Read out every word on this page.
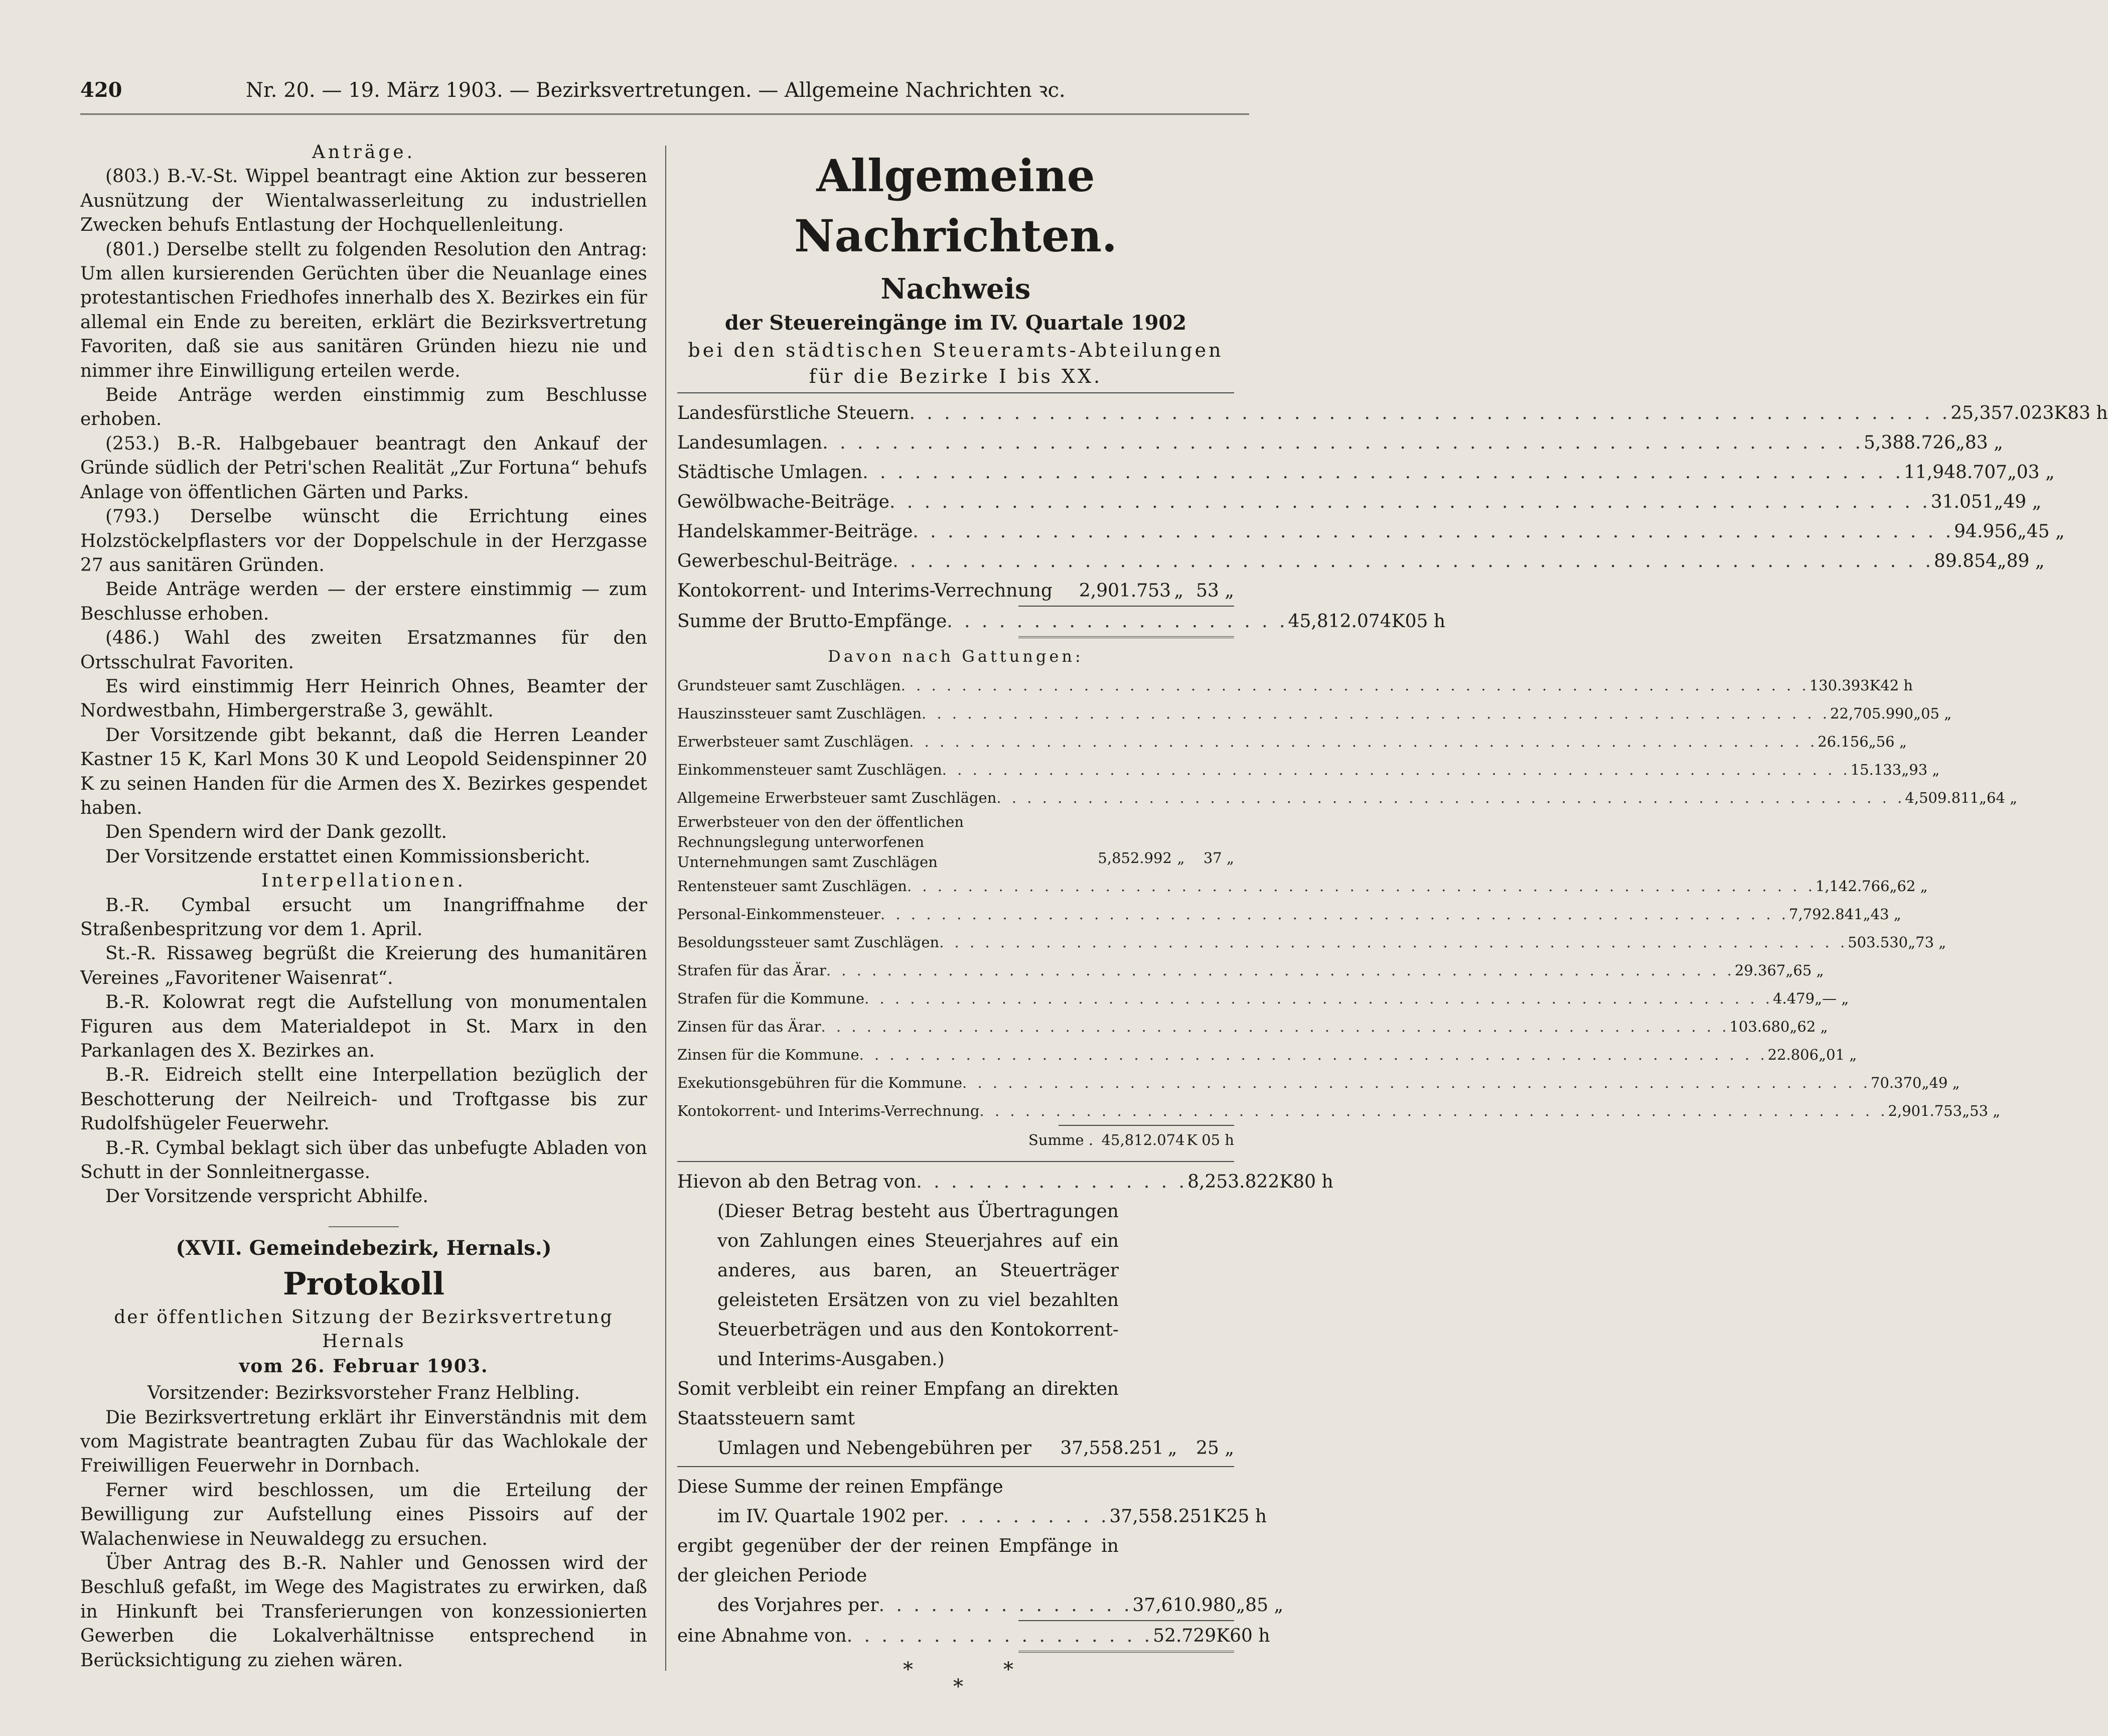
420	Nr. 20. — 19. März 1903. — Bezirksvertretungen. — Allgemeine Nachrichten ꝛc.

Anträge.

(803.) B.-V.-St. Wippel beantragt eine Aktion zur besseren Ausnützung der Wientalwasserleitung zu industriellen Zwecken behufs Entlastung der Hochquellenleitung.

(801.) Derselbe stellt zu folgenden Resolution den Antrag: Um allen kursierenden Gerüchten über die Neuanlage eines protestantischen Friedhofes innerhalb des X. Bezirkes ein für allemal ein Ende zu bereiten, erklärt die Bezirksvertretung Favoriten, daß sie aus sanitären Gründen hiezu nie und nimmer ihre Einwilligung erteilen werde.

Beide Anträge werden einstimmig zum Beschlusse erhoben.

(253.) B.-R. Halbgebauer beantragt den Ankauf der Gründe südlich der Petri'schen Realität „Zur Fortuna“ behufs Anlage von öffentlichen Gärten und Parks.

(793.) Derselbe wünscht die Errichtung eines Holzstöckelpflasters vor der Doppelschule in der Herzgasse 27 aus sanitären Gründen.

Beide Anträge werden — der erstere einstimmig — zum Beschlusse erhoben.

(486.) Wahl des zweiten Ersatzmannes für den Ortsschulrat Favoriten.

Es wird einstimmig Herr Heinrich Ohnes, Beamter der Nordwestbahn, Himbergerstraße 3, gewählt.

Der Vorsitzende gibt bekannt, daß die Herren Leander Kastner 15 K, Karl Mons 30 K und Leopold Seidenspinner 20 K zu seinen Handen für die Armen des X. Bezirkes gespendet haben.

Den Spendern wird der Dank gezollt.

Der Vorsitzende erstattet einen Kommissionsbericht.

Interpellationen.

B.-R. Cymbal ersucht um Inangriffnahme der Straßenbespritzung vor dem 1. April.

St.-R. Rissaweg begrüßt die Kreierung des humanitären Vereines „Favoritener Waisenrat“.

B.-R. Kolowrat regt die Aufstellung von monumentalen Figuren aus dem Materialdepot in St. Marx in den Parkanlagen des X. Bezirkes an.

B.-R. Eidreich stellt eine Interpellation bezüglich der Beschotterung der Neilreich- und Troftgasse bis zur Rudolfshügeler Feuerwehr.

B.-R. Cymbal beklagt sich über das unbefugte Abladen von Schutt in der Sonnleitnergasse.

Der Vorsitzende verspricht Abhilfe.

(XVII. Gemeindebezirk, Hernals.)

Protokoll

der öffentlichen Sitzung der Bezirksvertretung Hernals

vom 26. Februar 1903.

Vorsitzender: Bezirksvorsteher Franz Helbling.

Die Bezirksvertretung erklärt ihr Einverständnis mit dem vom Magistrate beantragten Zubau für das Wachlokale der Freiwilligen Feuerwehr in Dornbach.

Ferner wird beschlossen, um die Erteilung der Bewilligung zur Aufstellung eines Pissoirs auf der Walachenwiese in Neuwaldegg zu ersuchen.

Über Antrag des B.-R. Nahler und Genossen wird der Beschluß gefaßt, im Wege des Magistrates zu erwirken, daß in Hinkunft bei Transferierungen von konzessionierten Gewerben die Lokalverhältnisse entsprechend in Berücksichtigung zu ziehen wären.

Allgemeine Nachrichten.

Nachweis

der Steuereingänge im IV. Quartale 1902

bei den städtischen Steueramts-Abteilungen

für die Bezirke I bis XX.

Landesfürstliche Steuern . . . . . . . . . . . . . . . . . . . . . . . . . . . . . . . . . . . . . . . . . . . . . . . . . . . . . . . . . . . . 25,357.023 K 83 h
Landesumlagen . . . . . . . . . . . . . . . . . . . . . . . . . . . . . . . . . . . . . . . . . . . . . . . . . . . . . . . . . . . . 5,388.726 „ 83 „
Städtische Umlagen . . . . . . . . . . . . . . . . . . . . . . . . . . . . . . . . . . . . . . . . . . . . . . . . . . . . . . . . . . . . 11,948.707 „ 03 „
Gewölbwache-Beiträge . . . . . . . . . . . . . . . . . . . . . . . . . . . . . . . . . . . . . . . . . . . . . . . . . . . . . . . . . . . . 31.051 „ 49 „
Handelskammer-Beiträge . . . . . . . . . . . . . . . . . . . . . . . . . . . . . . . . . . . . . . . . . . . . . . . . . . . . . . . . . . . . 94.956 „ 45 „
Gewerbeschul-Beiträge . . . . . . . . . . . . . . . . . . . . . . . . . . . . . . . . . . . . . . . . . . . . . . . . . . . . . . . . . . . . 89.854 „ 89 „
Kontokorrent- und Interims-Verrechnung	2,901.753 „ 53 „
Summe der Brutto-Empfänge . . . . . . . . . . . . . . . . . . . . 45,812.074 K 05 h

Davon nach Gattungen:

Grundsteuer samt Zuschlägen . . . . . . . . . . . . . . . . . . . . . . . . . . . . . . . . . . . . . . . . . . . . . . . . . . . . . . . . . . . . 130.393 K 42 h
Hauszinssteuer samt Zuschlägen . . . . . . . . . . . . . . . . . . . . . . . . . . . . . . . . . . . . . . . . . . . . . . . . . . . . . . . . . . . . 22,705.990 „ 05 „
Erwerbsteuer samt Zuschlägen . . . . . . . . . . . . . . . . . . . . . . . . . . . . . . . . . . . . . . . . . . . . . . . . . . . . . . . . . . . . 26.156 „ 56 „
Einkommensteuer samt Zuschlägen . . . . . . . . . . . . . . . . . . . . . . . . . . . . . . . . . . . . . . . . . . . . . . . . . . . . . . . . . . . . 15.133 „ 93 „
Allgemeine Erwerbsteuer samt Zuschlägen . . . . . . . . . . . . . . . . . . . . . . . . . . . . . . . . . . . . . . . . . . . . . . . . . . . . . . . . . . . . 4,509.811 „ 64 „
Erwerbsteuer von den der öffentlichen Rechnungslegung unterworfenen Unternehmungen samt Zuschlägen	5,852.992 „	37 „
Rentensteuer samt Zuschlägen . . . . . . . . . . . . . . . . . . . . . . . . . . . . . . . . . . . . . . . . . . . . . . . . . . . . . . . . . . . . 1,142.766 „ 62 „
Personal-Einkommensteuer . . . . . . . . . . . . . . . . . . . . . . . . . . . . . . . . . . . . . . . . . . . . . . . . . . . . . . . . . . . . 7,792.841 „ 43 „
Besoldungssteuer samt Zuschlägen . . . . . . . . . . . . . . . . . . . . . . . . . . . . . . . . . . . . . . . . . . . . . . . . . . . . . . . . . . . . 503.530 „ 73 „
Strafen für das Ärar . . . . . . . . . . . . . . . . . . . . . . . . . . . . . . . . . . . . . . . . . . . . . . . . . . . . . . . . . . . . 29.367 „ 65 „
Strafen für die Kommune . . . . . . . . . . . . . . . . . . . . . . . . . . . . . . . . . . . . . . . . . . . . . . . . . . . . . . . . . . . . 4.479 „ — „
Zinsen für das Ärar . . . . . . . . . . . . . . . . . . . . . . . . . . . . . . . . . . . . . . . . . . . . . . . . . . . . . . . . . . . . 103.680 „ 62 „
Zinsen für die Kommune . . . . . . . . . . . . . . . . . . . . . . . . . . . . . . . . . . . . . . . . . . . . . . . . . . . . . . . . . . . . 22.806 „ 01 „
Exekutionsgebühren für die Kommune . . . . . . . . . . . . . . . . . . . . . . . . . . . . . . . . . . . . . . . . . . . . . . . . . . . . . . . . . . . . 70.370 „ 49 „
Kontokorrent- und Interims-Verrechnung . . . . . . . . . . . . . . . . . . . . . . . . . . . . . . . . . . . . . . . . . . . . . . . . . . . . . . . . . . . . 2,901.753 „ 53 „
Summe . 45,812.074 K 05 h
Hievon ab den Betrag von . . . . . . . . . . . . . . . . 8,253.822 K 80 h

(Dieser Betrag besteht aus Übertragungen von Zahlungen eines Steuerjahres auf ein anderes, aus baren, an Steuerträger geleisteten Ersätzen von zu viel bezahlten Steuerbeträgen und aus den Kontokorrent- und Interims-Ausgaben.)

Somit verbleibt ein reiner Empfang an direkten Staatssteuern samt

Umlagen und Nebengebühren per	37,558.251 „	25 „

Diese Summe der reinen Empfänge

im IV. Quartale 1902 per . . . . . . . . . . 37,558.251 K 25 h

ergibt gegenüber der der reinen Empfänge in der gleichen Periode

des Vorjahres per . . . . . . . . . . . . . . . 37,610.980 „ 85 „
eine Abnahme von . . . . . . . . . . . . . . . . . . 52.729 K 60 h
*	*
*
